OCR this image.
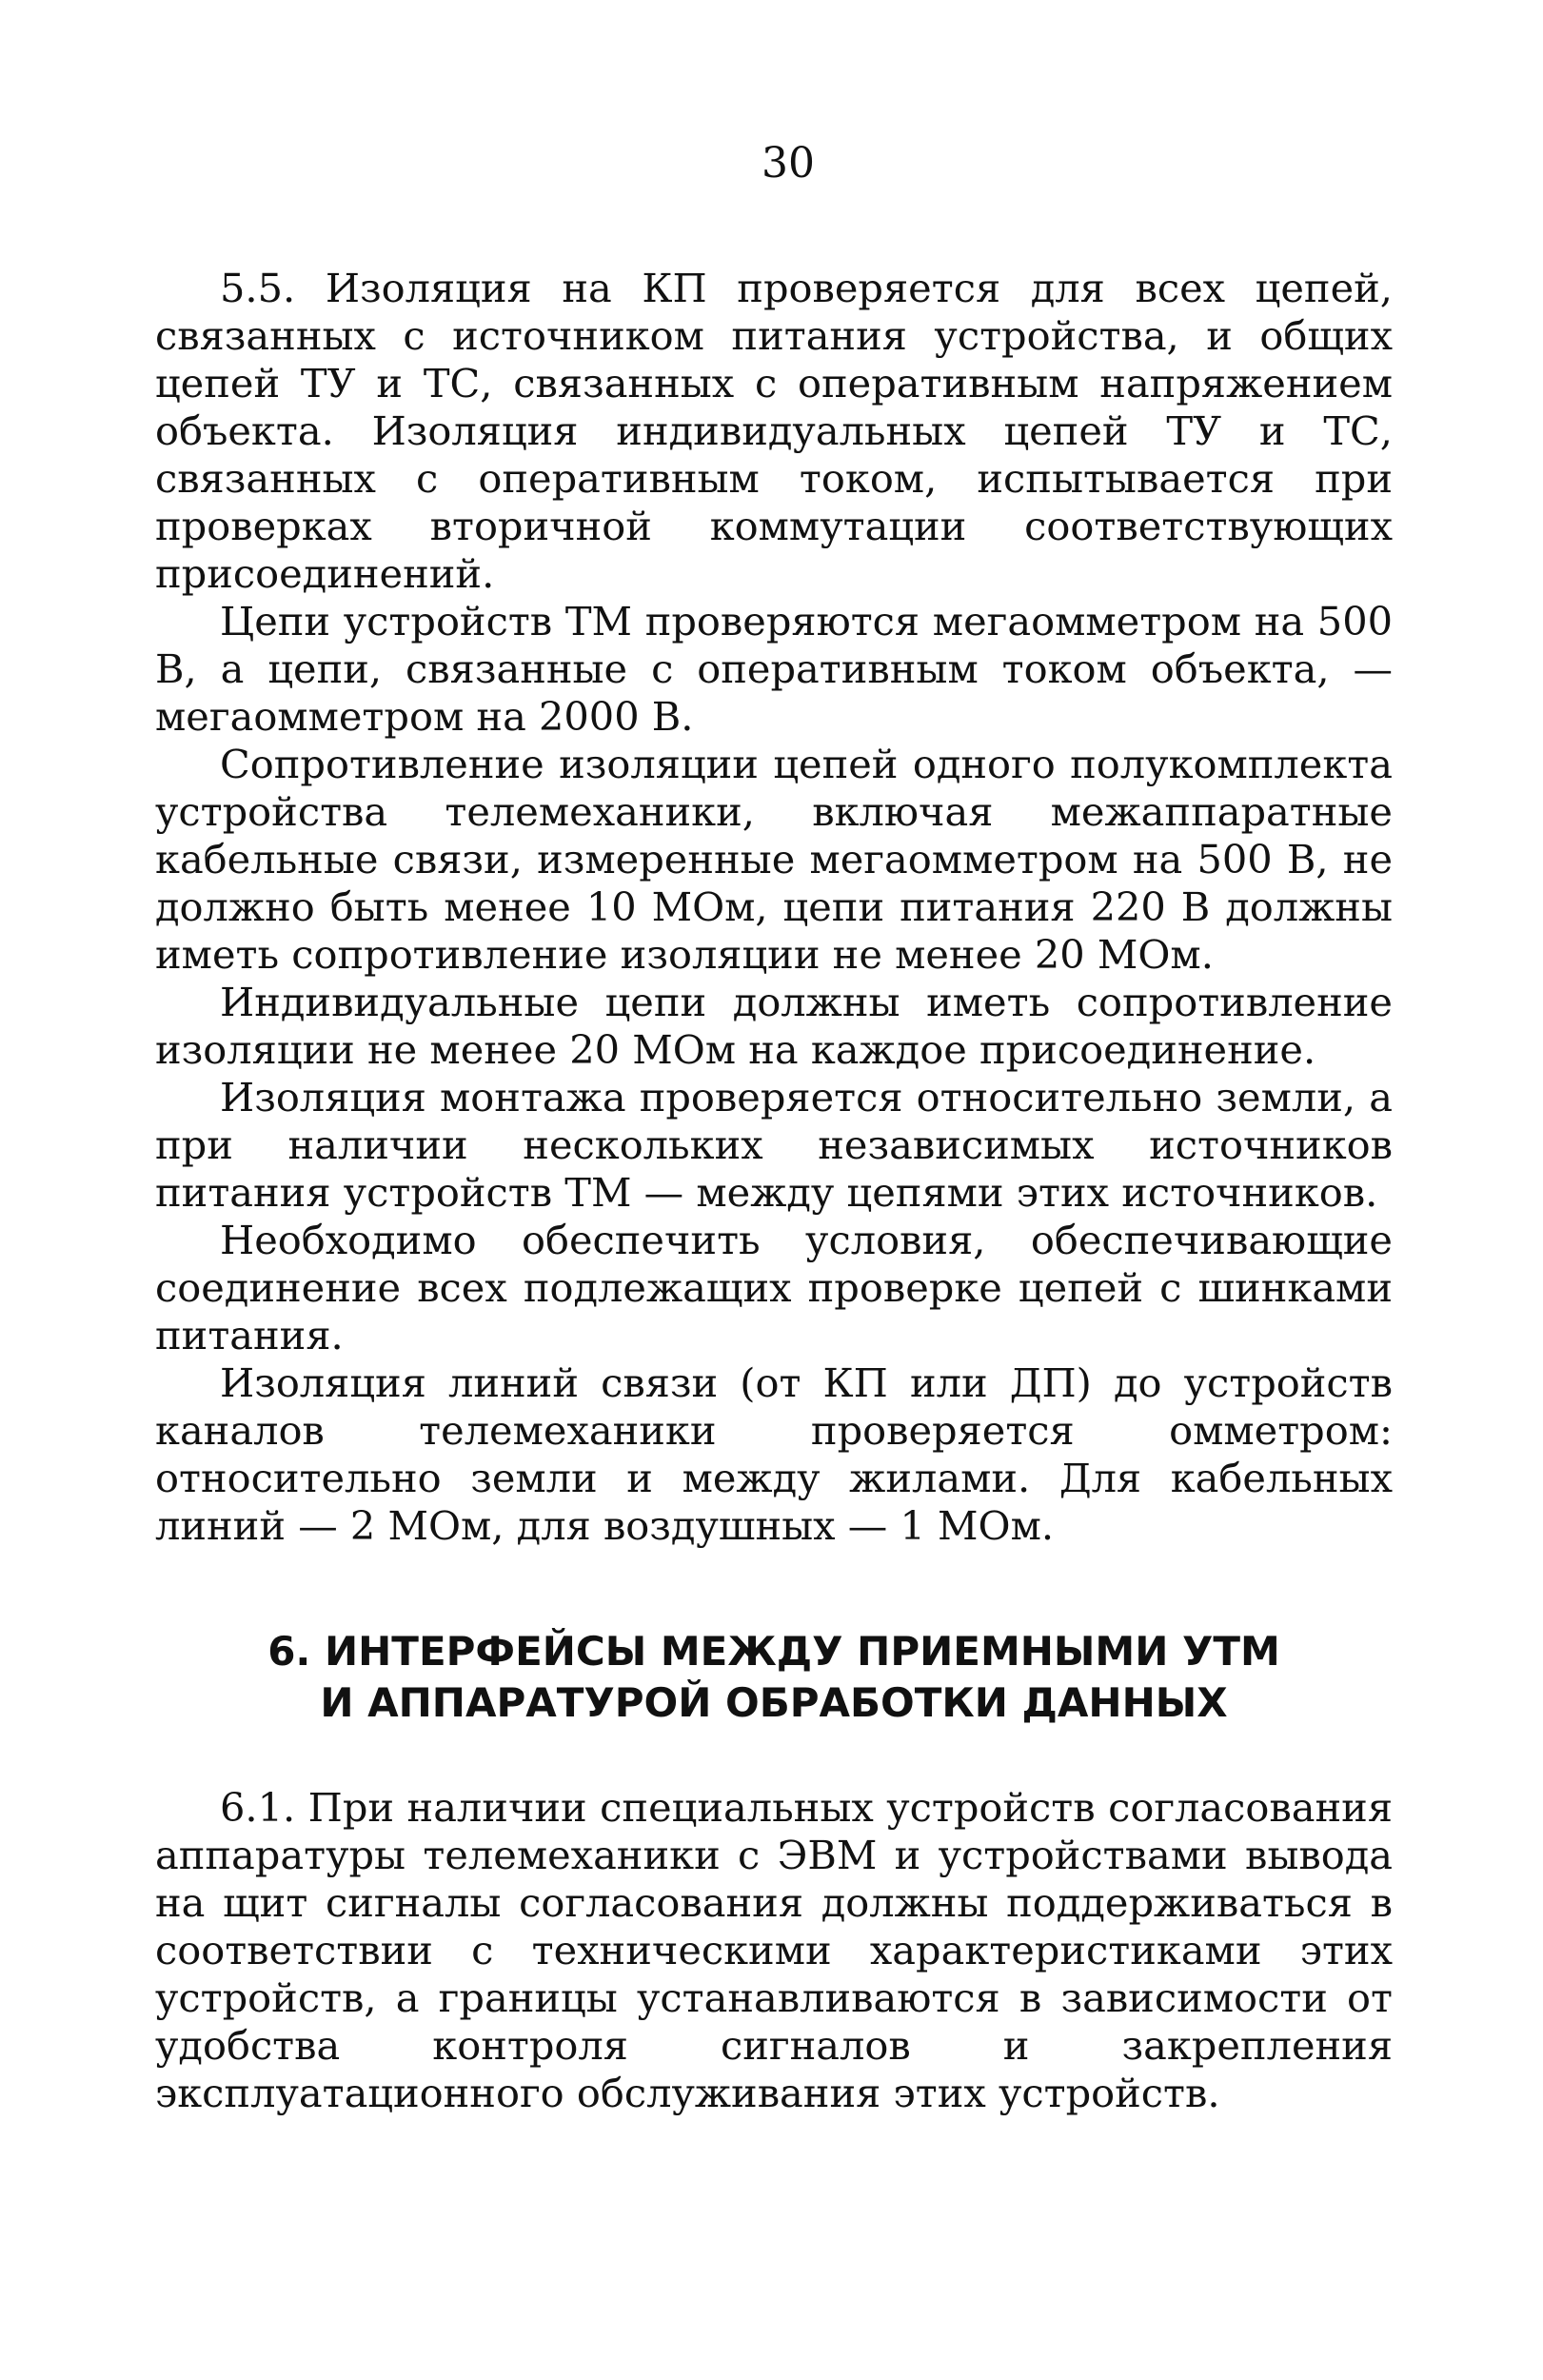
30

5.5. Изоляция на КП проверяется для всех цепей, связанных с источником питания устройства, и общих цепей ТУ и ТС, связанных с оперативным напряжением объекта. Изоляция индивидуальных цепей ТУ и ТС, связанных с оперативным током, испытывается при проверках вторичной коммутации соответствующих присоединений.

Цепи устройств ТМ проверяются мегаомметром на 500 В, а цепи, связанные с оперативным током объекта, — мегаомметром на 2000 В.

Сопротивление изоляции цепей одного полукомплекта устройства телемеханики, включая межаппаратные кабельные связи, измеренные мегаомметром на 500 В, не должно быть менее 10 МОм, цепи питания 220 В должны иметь сопротивление изоляции не менее 20 МОм.

Индивидуальные цепи должны иметь сопротивление изоляции не менее 20 МОм на каждое присоединение.

Изоляция монтажа проверяется относительно земли, а при наличии нескольких независимых источников питания устройств ТМ — между цепями этих источников.

Необходимо обеспечить условия, обеспечивающие соединение всех подлежащих проверке цепей с шинками питания.

Изоляция линий связи (от КП или ДП) до устройств каналов телемеханики проверяется омметром: относительно земли и между жилами. Для кабельных линий — 2 МОм, для воздушных — 1 МОм.

6. ИНТЕРФЕЙСЫ МЕЖДУ ПРИЕМНЫМИ УТМ
И АППАРАТУРОЙ ОБРАБОТКИ ДАННЫХ

6.1. При наличии специальных устройств согласования аппаратуры телемеханики с ЭВМ и устройствами вывода на щит сигналы согласования должны поддерживаться в соответствии с техническими характеристиками этих устройств, а границы устанавливаются в зависимости от удобства контроля сигналов и закрепления эксплуатационного обслуживания этих устройств.
